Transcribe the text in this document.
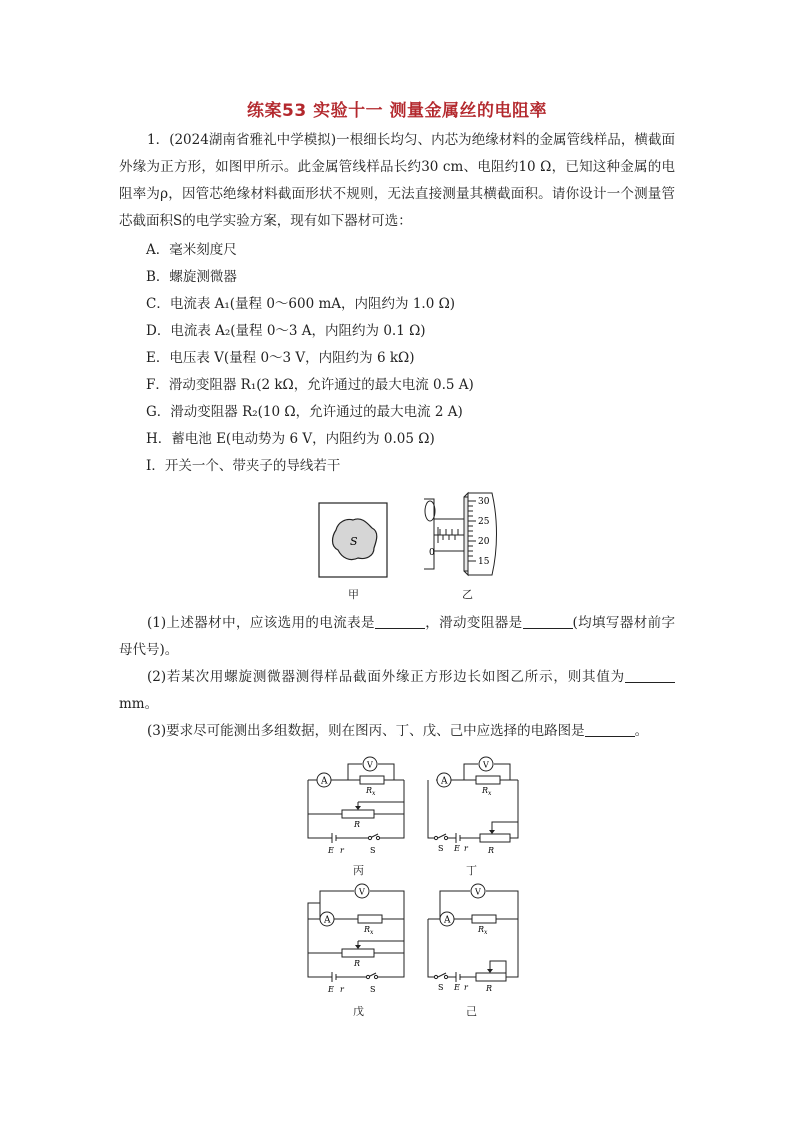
练案53 实验十一 测量金属丝的电阻率
1．(2024湖南省雅礼中学模拟)一根细长均匀、内芯为绝缘材料的金属管线样品，横截面外缘为正方形，如图甲所示。此金属管线样品长约30 cm、电阻约10 Ω，已知这种金属的电阻率为ρ，因管芯绝缘材料截面形状不规则，无法直接测量其横截面积。请你设计一个测量管芯截面积S的电学实验方案，现有如下器材可选：
A．毫米刻度尺
B．螺旋测微器
C．电流表 A₁(量程 0～600 mA，内阻约为 1.0 Ω)
D．电流表 A₂(量程 0～3 A，内阻约为 0.1 Ω)
E．电压表 V(量程 0～3 V，内阻约为 6 kΩ)
F．滑动变阻器 R₁(2 kΩ，允许通过的最大电流 0.5 A)
G．滑动变阻器 R₂(10 Ω，允许通过的最大电流 2 A)
H．蓄电池 E(电动势为 6 V，内阻约为 0.05 Ω)
I．开关一个、带夹子的导线若干
S
甲
0
30
25
20
15
乙
(1)上述器材中，应该选用的电流表是	，滑动变阻器是	(均填写器材前字母代号)。
(2)若某次用螺旋测微器测得样品截面外缘正方形边长如图乙所示，则其值为mm。
(3)要求尽可能测出多组数据，则在图丙、丁、戊、己中应选择的电路图是	。
A
V
$R_x$
R
E r	S
丙
A
V
$R_x$
R
S E r
丁
A
V
$R_x$
R
E r	S
戊
A
V
$R_x$
R
S E r
己
